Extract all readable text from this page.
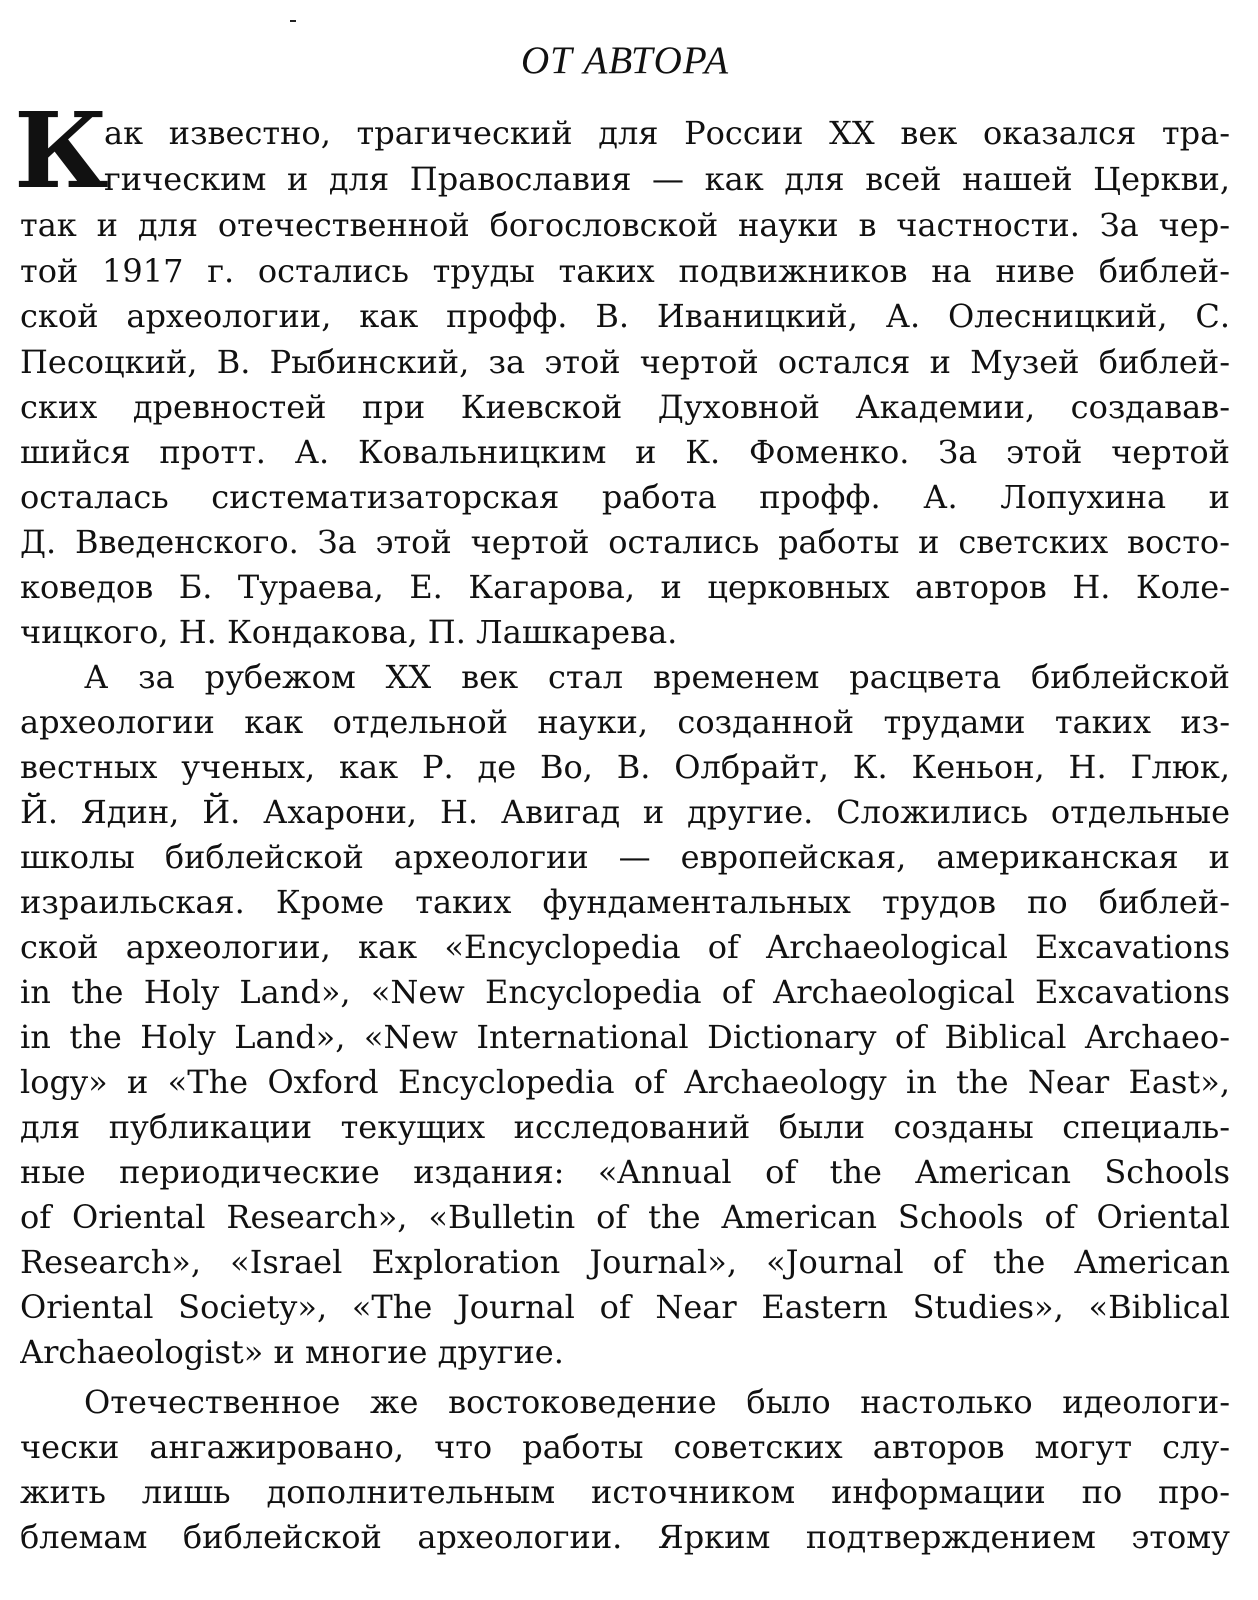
ОТ АВТОРА
К
ак известно, трагический для России XX век оказался тра-
гическим и для Православия — как для всей нашей Церкви,
так и для отечественной богословской науки в частности. За чер-
той 1917 г. остались труды таких подвижников на ниве библей-
ской археологии, как профф. В. Иваницкий, А. Олесницкий, С.
Песоцкий, В. Рыбинский, за этой чертой остался и Музей библей-
ских древностей при Киевской Духовной Академии, создавав-
шийся протт. А. Ковальницким и К. Фоменко. За этой чертой
осталась систематизаторская работа профф. А. Лопухина и
Д. Введенского. За этой чертой остались работы и светских восто-
коведов Б. Тураева, Е. Кагарова, и церковных авторов Н. Коле-
чицкого, Н. Кондакова, П. Лашкарева.
А за рубежом XX век стал временем расцвета библейской
археологии как отдельной науки, созданной трудами таких из-
вестных ученых, как Р. де Во, В. Олбрайт, К. Кеньон, Н. Глюк,
Й. Ядин, Й. Ахарони, Н. Авигад и другие. Сложились отдельные
школы библейской археологии — европейская, американская и
израильская. Кроме таких фундаментальных трудов по библей-
ской археологии, как «Encyclopedia of Archaeological Excavations
in the Holy Land», «New Encyclopedia of Archaeological Excavations
in the Holy Land», «New International Dictionary of Biblical Archaeo-
logy» и «The Oxford Encyclopedia of Archaeology in the Near East»,
для публикации текущих исследований были созданы специаль-
ные периодические издания: «Annual of the American Schools
of Oriental Research», «Bulletin of the American Schools of Oriental
Research», «Israel Exploration Journal», «Journal of the American
Oriental Society», «The Journal of Near Eastern Studies», «Biblical
Archaeologist» и многие другие.
Отечественное же востоковедение было настолько идеологи-
чески ангажировано, что работы советских авторов могут слу-
жить лишь дополнительным источником информации по про-
блемам библейской археологии. Ярким подтверждением этому
